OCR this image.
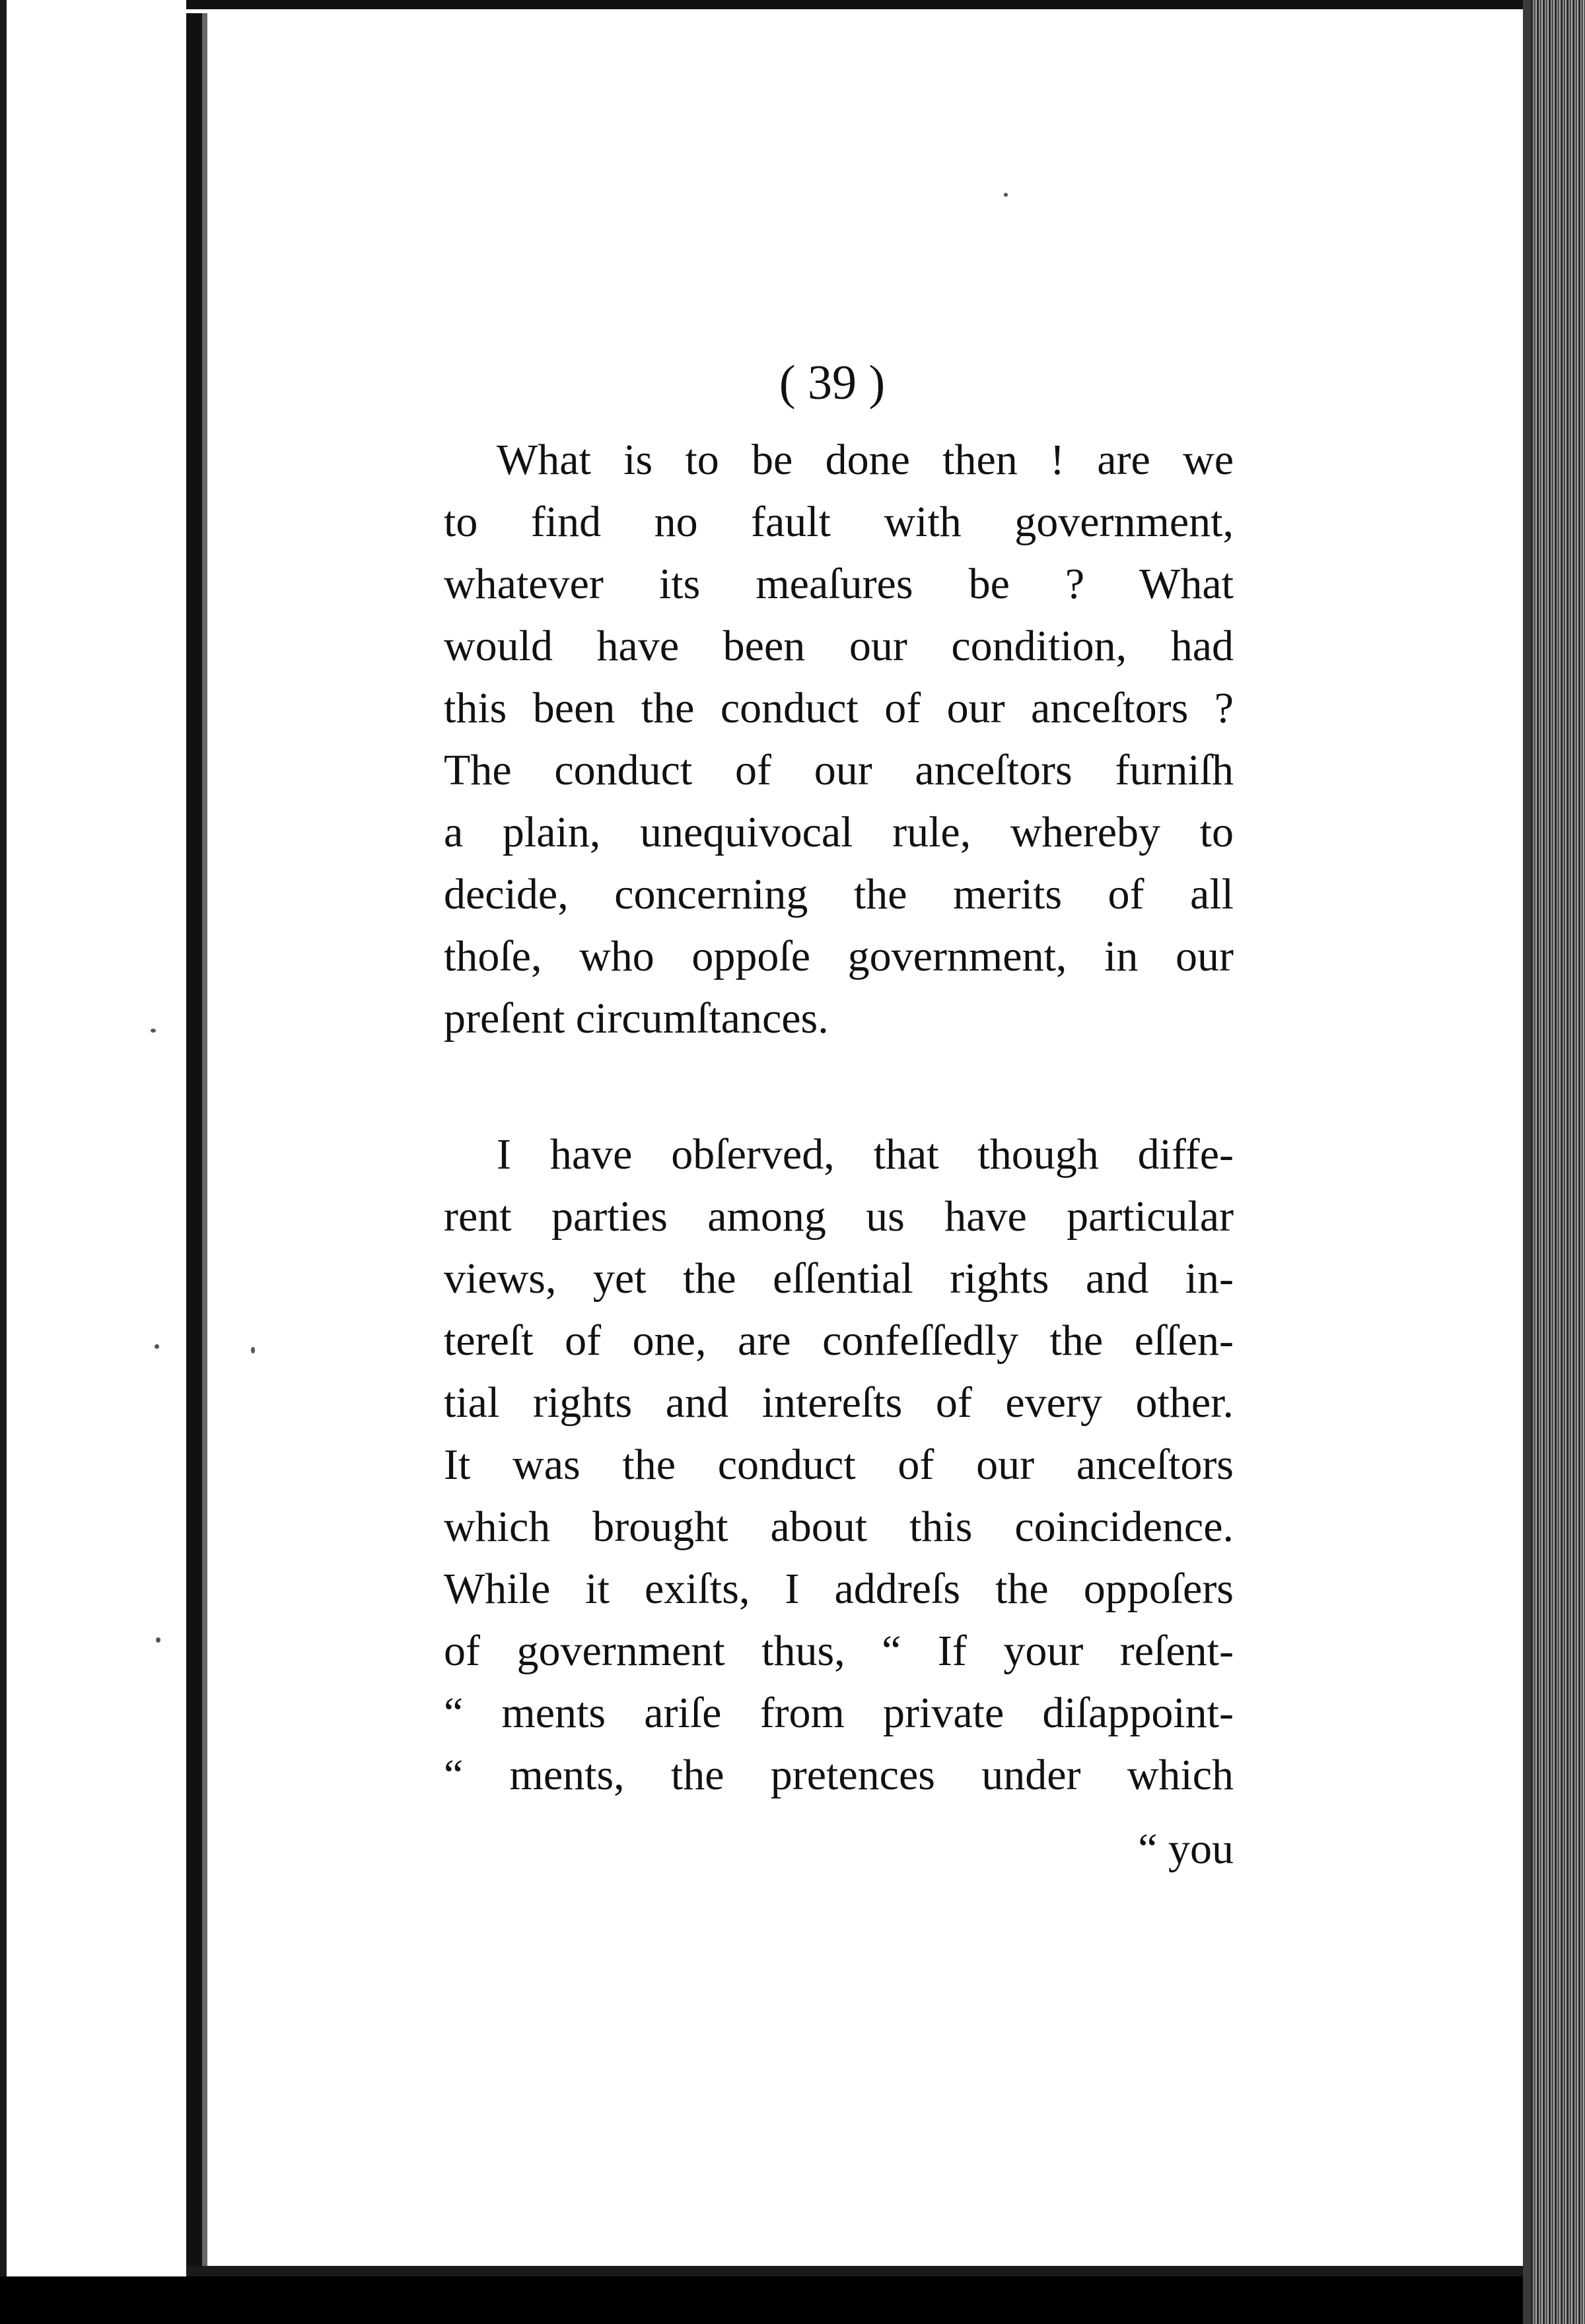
( 39 )
What is to be done then ! are we
to find no fault with government,
whatever its meaſures be ? What
would have been our condition, had
this been the conduct of our anceſtors ?
The conduct of our anceſtors furniſh
a plain, unequivocal rule, whereby to
decide, concerning the merits of all
thoſe, who oppoſe government, in our
preſent circumſtances.
I have obſerved, that though diffe-
rent parties among us have particular
views, yet the eſſential rights and in-
tereſt of one, are confeſſedly the eſſen-
tial rights and intereſts of every other.
It was the conduct of our anceſtors
which brought about this coincidence.
While it exiſts, I addreſs the oppoſers
of government thus, “ If your reſent-
“ ments ariſe from private diſappoint-
“ ments, the pretences under which
“ you
